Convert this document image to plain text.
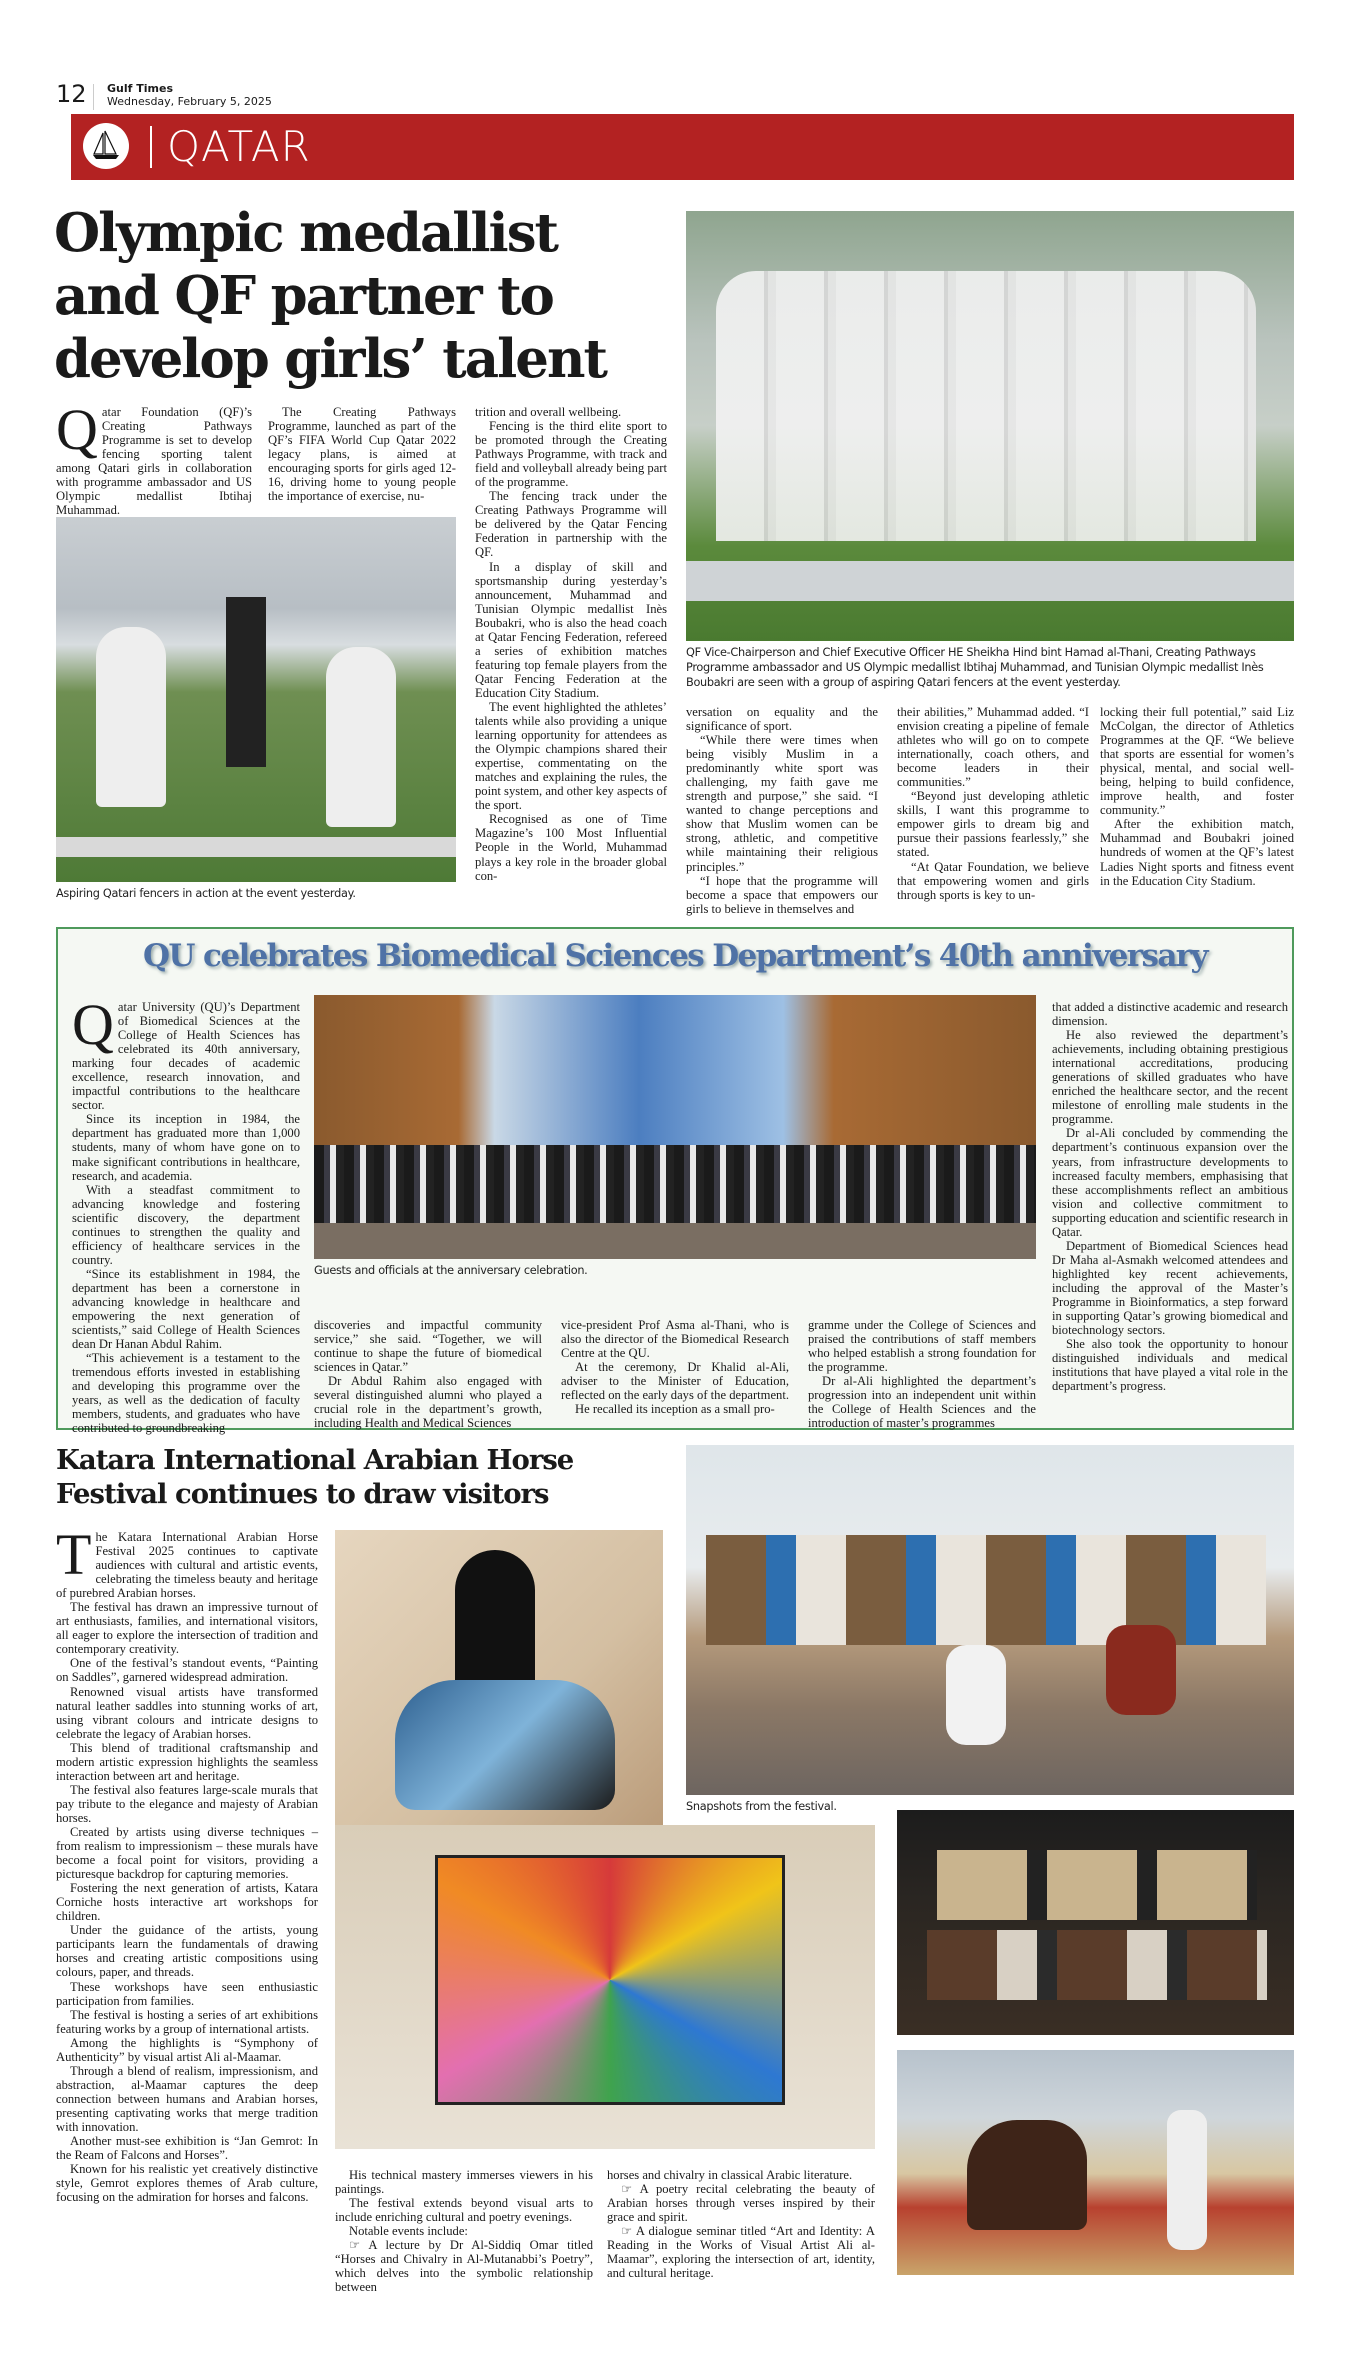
12 Gulf Times
Wednesday, February 5, 2025
QATAR
Olympic medallist
and QF partner to
develop girls’ talent
Q atar Foundation (QF)’s Creating Pathways Programme is set to develop fencing sporting talent among Qatari girls in collaboration with programme ambassador and US Olympic medallist Ibtihaj Muhammad.

The Creating Pathways Programme, launched as part of the QF’s FIFA World Cup Qatar 2022 legacy plans, is aimed at encouraging sports for girls aged 12-16, driving home to young people the importance of exercise, nu-

Aspiring Qatari fencers in action at the event yesterday.

trition and overall wellbeing.

Fencing is the third elite sport to be promoted through the Creating Pathways Programme, with track and field and volleyball already being part of the programme.

The fencing track under the Creating Pathways Programme will be delivered by the Qatar Fencing Federation in partnership with the QF.

In a display of skill and sportsmanship during yesterday’s announcement, Muhammad and Tunisian Olympic medallist Inès Boubakri, who is also the head coach at Qatar Fencing Federation, refereed a series of exhibition matches featuring top female players from the Qatar Fencing Federation at the Education City Stadium.

The event highlighted the athletes’ talents while also providing a unique learning opportunity for attendees as the Olympic champions shared their expertise, commentating on the matches and explaining the rules, the point system, and other key aspects of the sport.

Recognised as one of Time Magazine’s 100 Most Influential People in the World, Muhammad plays a key role in the broader global con-

QF Vice-Chairperson and Chief Executive Officer HE Sheikha Hind bint Hamad al-Thani, Creating Pathways Programme ambassador and US Olympic medallist Ibtihaj Muhammad, and Tunisian Olympic medallist Inès Boubakri are seen with a group of aspiring Qatari fencers at the event yesterday.

versation on equality and the significance of sport.

“While there were times when being visibly Muslim in a predominantly white sport was challenging, my faith gave me strength and purpose,” she said. “I wanted to change perceptions and show that Muslim women can be strong, athletic, and competitive while maintaining their religious principles.”

“I hope that the programme will become a space that empowers our girls to believe in themselves and

their abilities,” Muhammad added. “I envision creating a pipeline of female athletes who will go on to compete internationally, coach others, and become leaders in their communities.”

“Beyond just developing athletic skills, I want this programme to empower girls to dream big and pursue their passions fearlessly,” she stated.

“At Qatar Foundation, we believe that empowering women and girls through sports is key to un-

locking their full potential,” said Liz McColgan, the director of Athletics Programmes at the QF. “We believe that sports are essential for women’s physical, mental, and social well-being, helping to build confidence, improve health, and foster community.”

After the exhibition match, Muhammad and Boubakri joined hundreds of women at the QF’s latest Ladies Night sports and fitness event in the Education City Stadium.

QU celebrates Biomedical Sciences Department’s 40th anniversary
Q atar University (QU)’s Department of Biomedical Sciences at the College of Health Sciences has celebrated its 40th anniversary, marking four decades of academic excellence, research innovation, and impactful contributions to the healthcare sector.

Since its inception in 1984, the department has graduated more than 1,000 students, many of whom have gone on to make significant contributions in healthcare, research, and academia.

With a steadfast commitment to advancing knowledge and fostering scientific discovery, the department continues to strengthen the quality and efficiency of healthcare services in the country.

“Since its establishment in 1984, the department has been a cornerstone in advancing knowledge in healthcare and empowering the next generation of scientists,” said College of Health Sciences dean Dr Hanan Abdul Rahim.

“This achievement is a testament to the tremendous efforts invested in establishing and developing this programme over the years, as well as the dedication of faculty members, students, and graduates who have contributed to groundbreaking

Guests and officials at the anniversary celebration.

discoveries and impactful community service,” she said. “Together, we will continue to shape the future of biomedical sciences in Qatar.”

Dr Abdul Rahim also engaged with several distinguished alumni who played a crucial role in the department’s growth, including Health and Medical Sciences

vice-president Prof Asma al-Thani, who is also the director of the Biomedical Research Centre at the QU.

At the ceremony, Dr Khalid al-Ali, adviser to the Minister of Education, reflected on the early days of the department.

He recalled its inception as a small pro-

gramme under the College of Sciences and praised the contributions of staff members who helped establish a strong foundation for the programme.

Dr al-Ali highlighted the department’s progression into an independent unit within the College of Health Sciences and the introduction of master’s programmes

that added a distinctive academic and research dimension.

He also reviewed the department’s achievements, including obtaining prestigious international accreditations, producing generations of skilled graduates who have enriched the healthcare sector, and the recent milestone of enrolling male students in the programme.

Dr al-Ali concluded by commending the department’s continuous expansion over the years, from infrastructure developments to increased faculty members, emphasising that these accomplishments reflect an ambitious vision and collective commitment to supporting education and scientific research in Qatar.

Department of Biomedical Sciences head Dr Maha al-Asmakh welcomed attendees and highlighted key recent achievements, including the approval of the Master’s Programme in Bioinformatics, a step forward in supporting Qatar’s growing biomedical and biotechnology sectors.

She also took the opportunity to honour distinguished individuals and medical institutions that have played a vital role in the department’s progress.

Katara International Arabian Horse
Festival continues to draw visitors
T he Katara International Arabian Horse Festival 2025 continues to captivate audiences with cultural and artistic events, celebrating the timeless beauty and heritage of purebred Arabian horses.

The festival has drawn an impressive turnout of art enthusiasts, families, and international visitors, all eager to explore the intersection of tradition and contemporary creativity.

One of the festival’s standout events, “Painting on Saddles”, garnered widespread admiration.

Renowned visual artists have transformed natural leather saddles into stunning works of art, using vibrant colours and intricate designs to celebrate the legacy of Arabian horses.

This blend of traditional craftsmanship and modern artistic expression highlights the seamless interaction between art and heritage.

The festival also features large-scale murals that pay tribute to the elegance and majesty of Arabian horses.

Created by artists using diverse techniques – from realism to impressionism – these murals have become a focal point for visitors, providing a picturesque backdrop for capturing memories.

Fostering the next generation of artists, Katara Corniche hosts interactive art workshops for children.

Under the guidance of the artists, young participants learn the fundamentals of drawing horses and creating artistic compositions using colours, paper, and threads.

These workshops have seen enthusiastic participation from families.

The festival is hosting a series of art exhibitions featuring works by a group of international artists.

Among the highlights is “Symphony of Authenticity” by visual artist Ali al-Maamar.

Through a blend of realism, impressionism, and abstraction, al-Maamar captures the deep connection between humans and Arabian horses, presenting captivating works that merge tradition with innovation.

Another must-see exhibition is “Jan Gemrot: In the Ream of Falcons and Horses”.

Known for his realistic yet creatively distinctive style, Gemrot explores themes of Arab culture, focusing on the admiration for horses and falcons.

Snapshots from the festival.

His technical mastery immerses viewers in his paintings.

The festival extends beyond visual arts to include enriching cultural and poetry evenings.

Notable events include:

☞ A lecture by Dr Al-Siddiq Omar titled “Horses and Chivalry in Al-Mutanabbi’s Poetry”, which delves into the symbolic relationship between

horses and chivalry in classical Arabic literature.

☞ A poetry recital celebrating the beauty of Arabian horses through verses inspired by their grace and spirit.

☞ A dialogue seminar titled “Art and Identity: A Reading in the Works of Visual Artist Ali al-Maamar”, exploring the intersection of art, identity, and cultural heritage.
